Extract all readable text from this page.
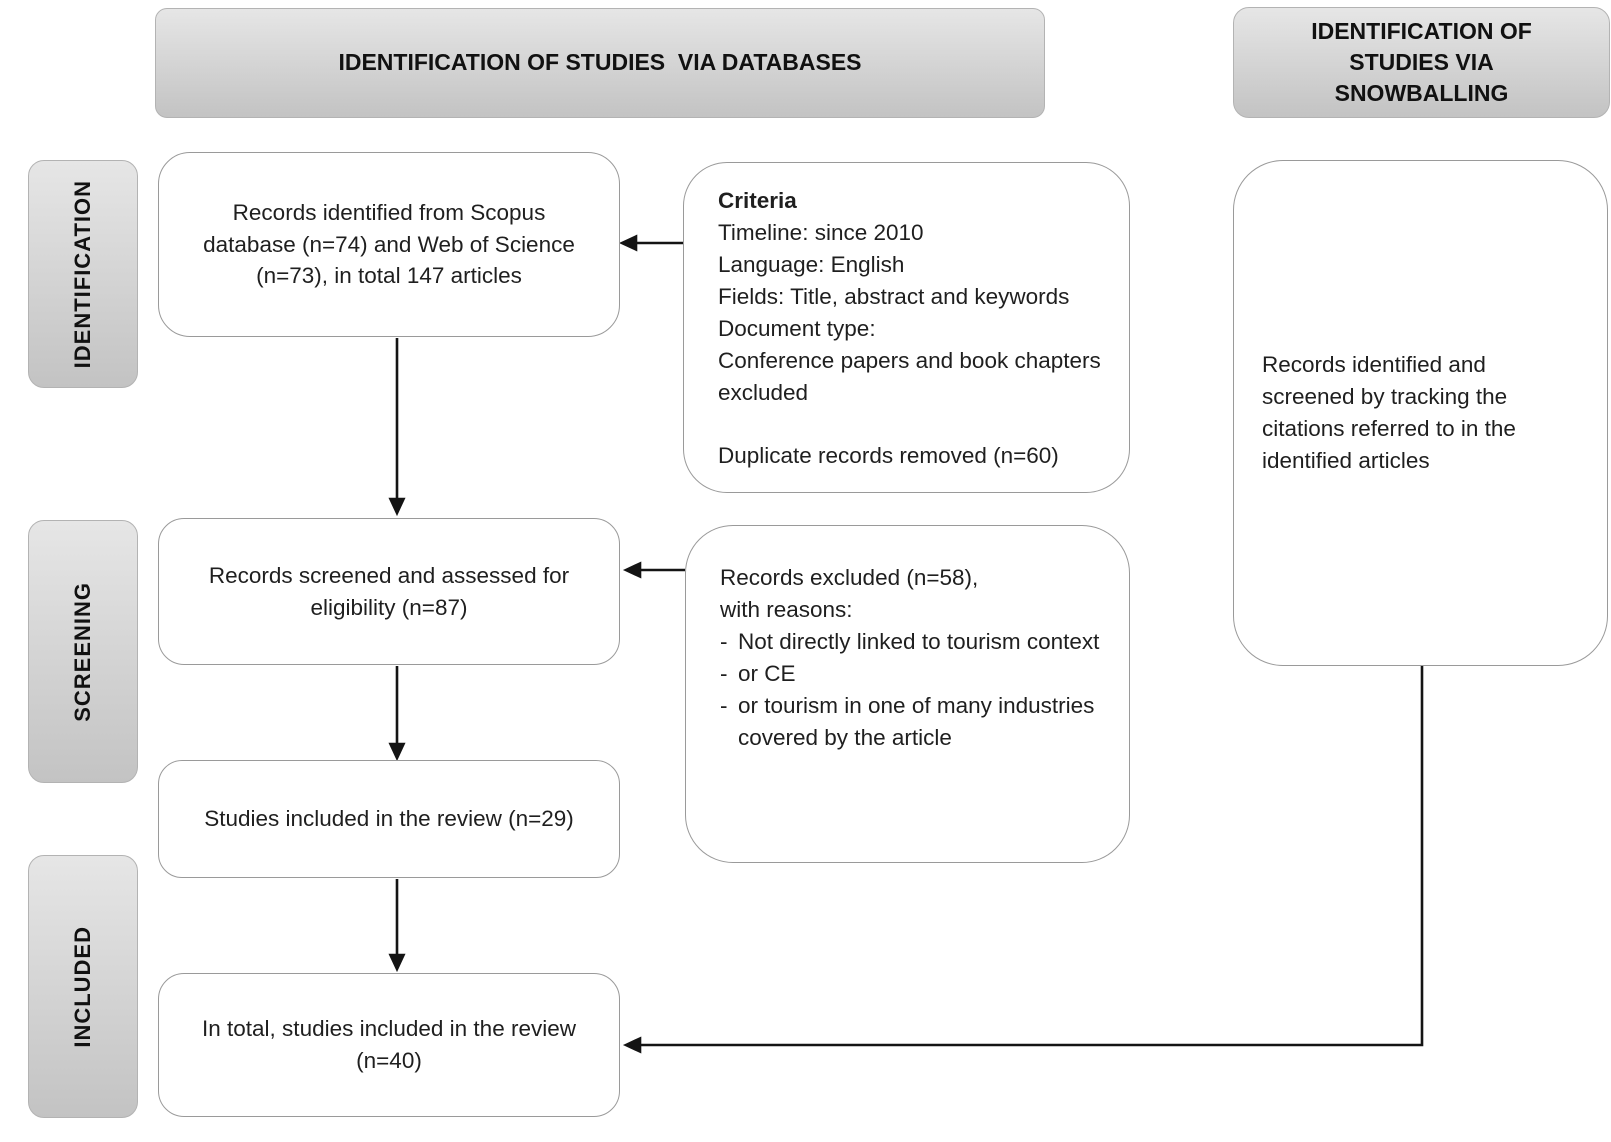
IDENTIFICATION OF STUDIES  VIA DATABASES
IDENTIFICATION OF STUDIES VIA SNOWBALLING
IDENTIFICATION
SCREENING
INCLUDED

Records identified from Scopus database (n=74) and Web of Science (n=73), in total 147 articles

Criteria

Timeline: since 2010

Language: English

Fields: Title, abstract and keywords

Document type:

Conference papers and book chapters excluded

Duplicate records removed (n=60)

Records identified and screened by tracking the citations referred to in the identified articles

Records screened and assessed for eligibility (n=87)

Records excluded (n=58),

with reasons:

- Not directly linked to tourism context
- or CE
- or tourism in one of many industries covered by the article

Studies included in the review (n=29)

In total, studies included in the review (n=40)
